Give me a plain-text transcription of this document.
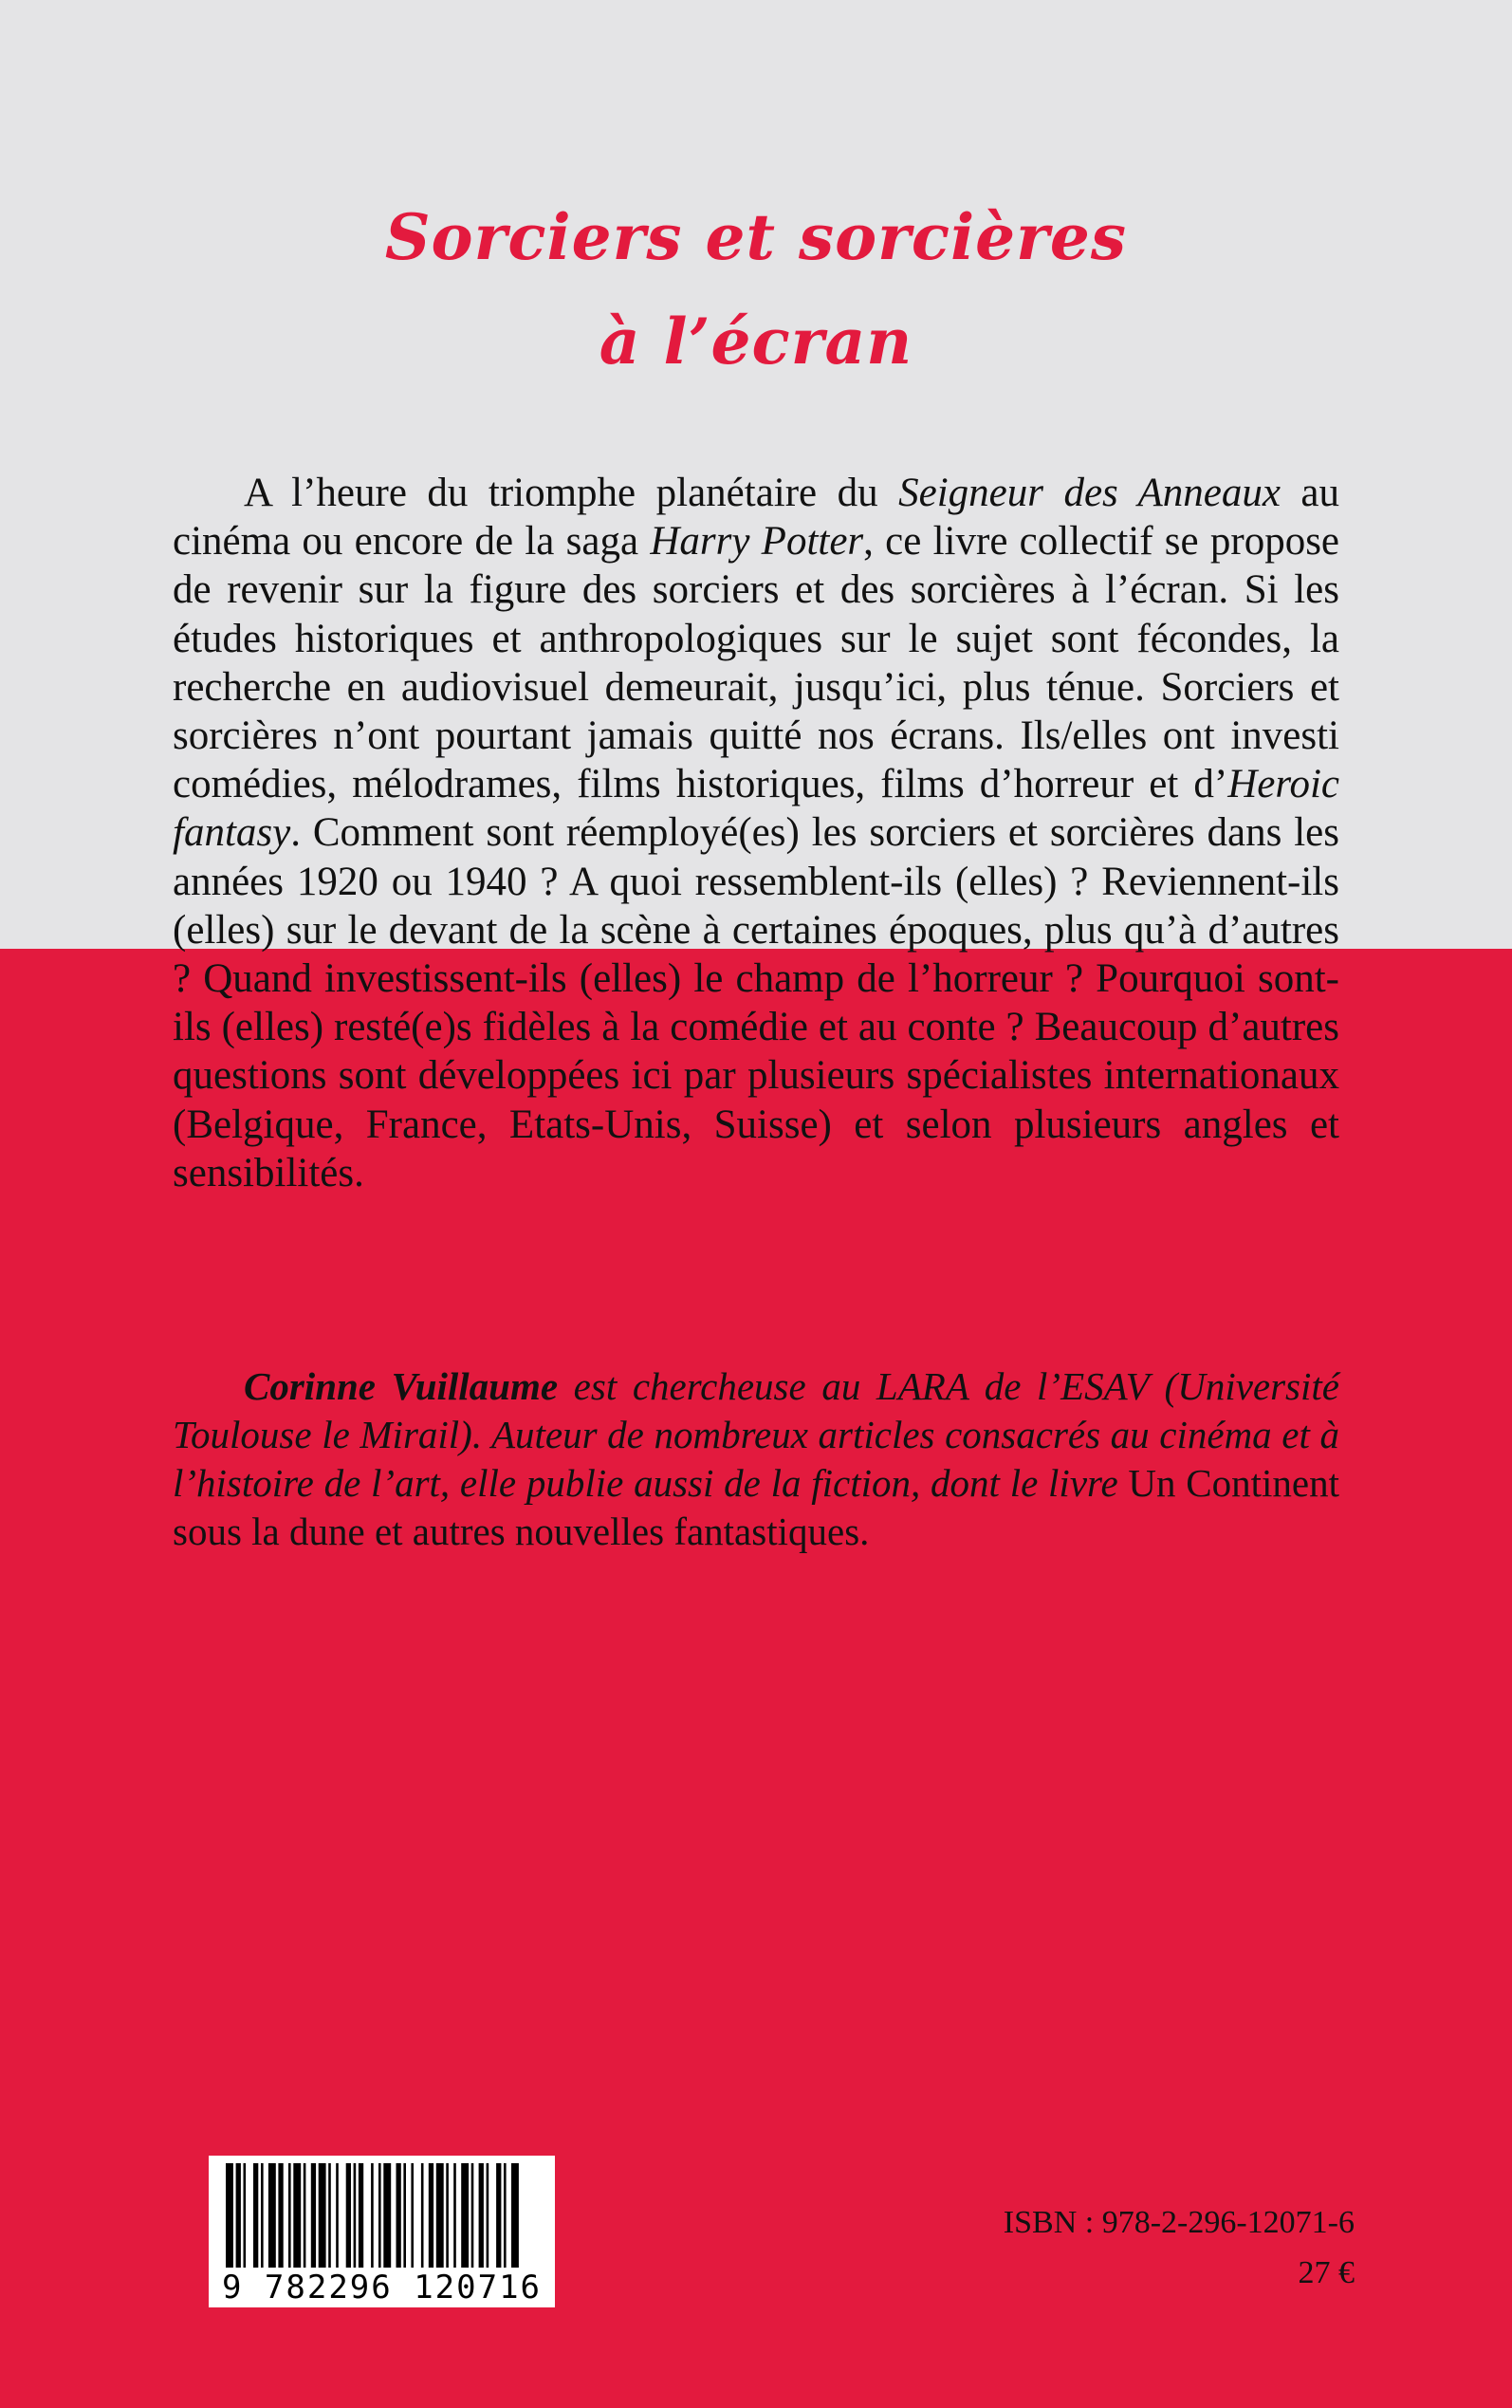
Sorciers et sorcières
à l’écran

A l’heure du triomphe planétaire du Seigneur des Anneaux au cinéma ou encore de la saga Harry Potter, ce livre collectif se propose de revenir sur la figure des sorciers et des sorcières à l’écran. Si les études historiques et anthropologiques sur le sujet sont fécondes, la recherche en audiovisuel demeurait, jusqu’ici, plus ténue. Sorciers et sorcières n’ont pourtant jamais quitté nos écrans. Ils/elles ont investi comédies, mélodrames, films historiques, films d’horreur et d’Heroic fantasy. Comment sont réemployé(es) les sorciers et sorcières dans les années 1920 ou 1940 ? A quoi ressemblent-ils (elles) ? Reviennent-ils (elles) sur le devant de la scène à certaines époques, plus qu’à d’autres ? Quand investissent-ils (elles) le champ de l’horreur ? Pourquoi sont-ils (elles) resté(e)s fidèles à la comédie et au conte ? Beaucoup d’autres questions sont développées ici par plusieurs spécialistes internationaux (Belgique, France, Etats-Unis, Suisse) et selon plusieurs angles et sensibilités.

Corinne Vuillaume est chercheuse au LARA de l’ESAV (Université Toulouse le Mirail). Auteur de nombreux articles consacrés au cinéma et à l’histoire de l’art, elle publie aussi de la fiction, dont le livre Un Continent sous la dune et autres nouvelles fantastiques.

9 782296 120716
ISBN : 978-2-296-12071-6
27 €
